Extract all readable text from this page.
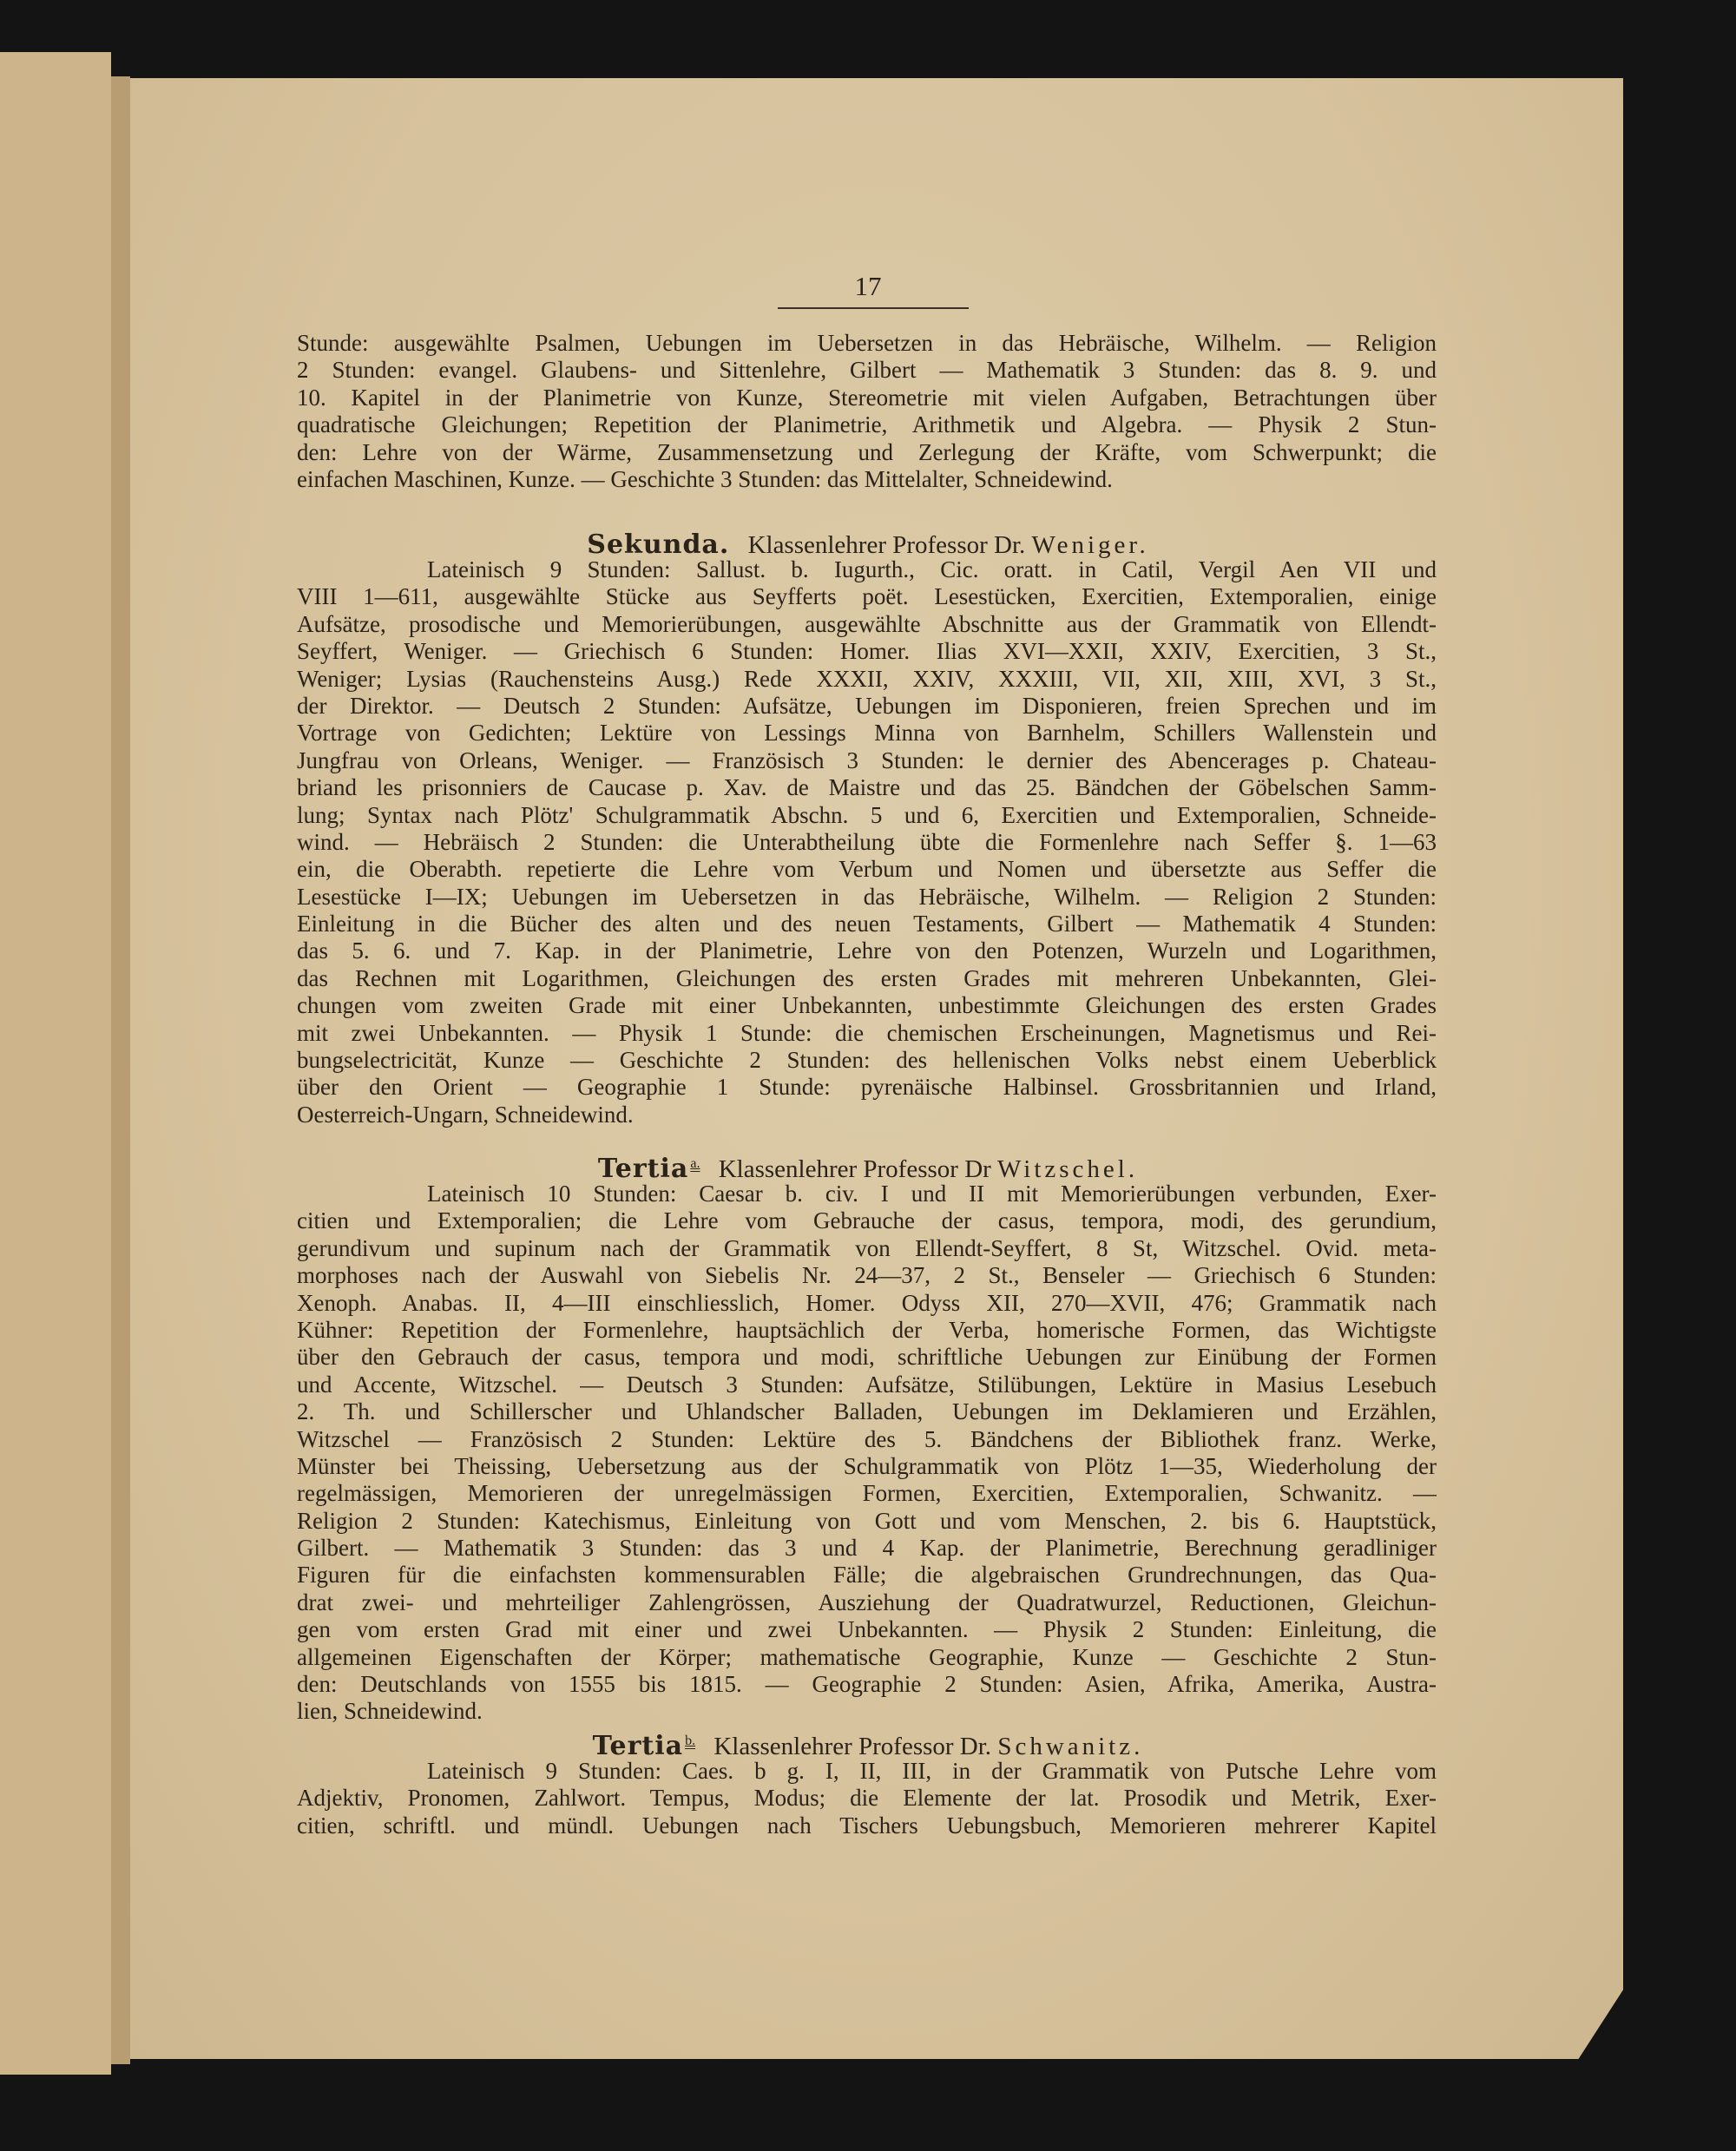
17
Stunde: ausgewählte Psalmen, Uebungen im Uebersetzen in das Hebräische, Wilhelm. — Religion
2 Stunden: evangel. Glaubens- und Sittenlehre, Gilbert — Mathematik 3 Stunden: das 8. 9. und
10. Kapitel in der Planimetrie von Kunze, Stereometrie mit vielen Aufgaben, Betrachtungen über
quadratische Gleichungen; Repetition der Planimetrie, Arithmetik und Algebra. — Physik 2 Stun-
den: Lehre von der Wärme, Zusammensetzung und Zerlegung der Kräfte, vom Schwerpunkt; die
einfachen Maschinen, Kunze. — Geschichte 3 Stunden: das Mittelalter, Schneidewind.
Sekunda. Klassenlehrer Professor Dr. Weniger.
Lateinisch 9 Stunden: Sallust. b. Iugurth., Cic. oratt. in Catil, Vergil Aen VII und
VIII 1—611, ausgewählte Stücke aus Seyfferts poët. Lesestücken, Exercitien, Extemporalien, einige
Aufsätze, prosodische und Memorierübungen, ausgewählte Abschnitte aus der Grammatik von Ellendt-
Seyffert, Weniger. — Griechisch 6 Stunden: Homer. Ilias XVI—XXII, XXIV, Exercitien, 3 St.,
Weniger; Lysias (Rauchensteins Ausg.) Rede XXXII, XXIV, XXXIII, VII, XII, XIII, XVI, 3 St.,
der Direktor. — Deutsch 2 Stunden: Aufsätze, Uebungen im Disponieren, freien Sprechen und im
Vortrage von Gedichten; Lektüre von Lessings Minna von Barnhelm, Schillers Wallenstein und
Jungfrau von Orleans, Weniger. — Französisch 3 Stunden: le dernier des Abencerages p. Chateau-
briand les prisonniers de Caucase p. Xav. de Maistre und das 25. Bändchen der Göbelschen Samm-
lung; Syntax nach Plötz' Schulgrammatik Abschn. 5 und 6, Exercitien und Extemporalien, Schneide-
wind. — Hebräisch 2 Stunden: die Unterabtheilung übte die Formenlehre nach Seffer §. 1—63
ein, die Oberabth. repetierte die Lehre vom Verbum und Nomen und übersetzte aus Seffer die
Lesestücke I—IX; Uebungen im Uebersetzen in das Hebräische, Wilhelm. — Religion 2 Stunden:
Einleitung in die Bücher des alten und des neuen Testaments, Gilbert — Mathematik 4 Stunden:
das 5. 6. und 7. Kap. in der Planimetrie, Lehre von den Potenzen, Wurzeln und Logarithmen,
das Rechnen mit Logarithmen, Gleichungen des ersten Grades mit mehreren Unbekannten, Glei-
chungen vom zweiten Grade mit einer Unbekannten, unbestimmte Gleichungen des ersten Grades
mit zwei Unbekannten. — Physik 1 Stunde: die chemischen Erscheinungen, Magnetismus und Rei-
bungselectricität, Kunze — Geschichte 2 Stunden: des hellenischen Volks nebst einem Ueberblick
über den Orient — Geographie 1 Stunde: pyrenäische Halbinsel. Grossbritannien und Irland,
Oesterreich-Ungarn, Schneidewind.
Tertia $^{a.}$ Klassenlehrer Professor Dr Witzschel.
Lateinisch 10 Stunden: Caesar b. civ. I und II mit Memorierübungen verbunden, Exer-
citien und Extemporalien; die Lehre vom Gebrauche der casus, tempora, modi, des gerundium,
gerundivum und supinum nach der Grammatik von Ellendt-Seyffert, 8 St, Witzschel. Ovid. meta-
morphoses nach der Auswahl von Siebelis Nr. 24—37, 2 St., Benseler — Griechisch 6 Stunden:
Xenoph. Anabas. II, 4—III einschliesslich, Homer. Odyss XII, 270—XVII, 476; Grammatik nach
Kühner: Repetition der Formenlehre, hauptsächlich der Verba, homerische Formen, das Wichtigste
über den Gebrauch der casus, tempora und modi, schriftliche Uebungen zur Einübung der Formen
und Accente, Witzschel. — Deutsch 3 Stunden: Aufsätze, Stilübungen, Lektüre in Masius Lesebuch
2. Th. und Schillerscher und Uhlandscher Balladen, Uebungen im Deklamieren und Erzählen,
Witzschel — Französisch 2 Stunden: Lektüre des 5. Bändchens der Bibliothek franz. Werke,
Münster bei Theissing, Uebersetzung aus der Schulgrammatik von Plötz 1—35, Wiederholung der
regelmässigen, Memorieren der unregelmässigen Formen, Exercitien, Extemporalien, Schwanitz. —
Religion 2 Stunden: Katechismus, Einleitung von Gott und vom Menschen, 2. bis 6. Hauptstück,
Gilbert. — Mathematik 3 Stunden: das 3 und 4 Kap. der Planimetrie, Berechnung geradliniger
Figuren für die einfachsten kommensurablen Fälle; die algebraischen Grundrechnungen, das Qua-
drat zwei- und mehrteiliger Zahlengrössen, Ausziehung der Quadratwurzel, Reductionen, Gleichun-
gen vom ersten Grad mit einer und zwei Unbekannten. — Physik 2 Stunden: Einleitung, die
allgemeinen Eigenschaften der Körper; mathematische Geographie, Kunze — Geschichte 2 Stun-
den: Deutschlands von 1555 bis 1815. — Geographie 2 Stunden: Asien, Afrika, Amerika, Austra-
lien, Schneidewind.
Tertia $^{b.}$ Klassenlehrer Professor Dr. Schwanitz.
Lateinisch 9 Stunden: Caes. b g. I, II, III, in der Grammatik von Putsche Lehre vom
Adjektiv, Pronomen, Zahlwort. Tempus, Modus; die Elemente der lat. Prosodik und Metrik, Exer-
citien, schriftl. und mündl. Uebungen nach Tischers Uebungsbuch, Memorieren mehrerer Kapitel
